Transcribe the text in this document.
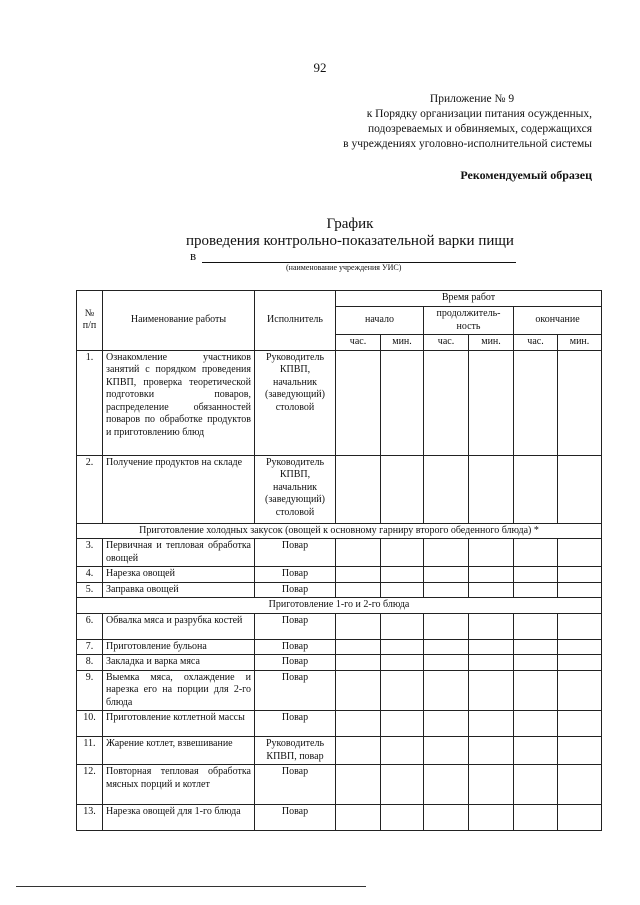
92
Приложение № 9
к Порядку организации питания осужденных,
подозреваемых и обвиняемых, содержащихся
в учреждениях уголовно-исполнительной системы
Рекомендуемый образец
График
проведения контрольно-показательной варки пищи
в
(наименование учреждения УИС)
№ п/п	Наименование работы	Исполнитель	Время работ					
			начало		продолжитель-ность		окончание	
			час.	мин.	час.	мин.	час.	мин.
1.	Ознакомление участников занятий с порядком проведения КПВП, проверка теоретической подготовки поваров, распределение обязанностей поваров по обработке продуктов и приготовлению блюд	Руководитель КПВП, начальник (заведующий) столовой						
2.	Получение продуктов на складе	Руководитель КПВП, начальник (заведующий) столовой						
Приготовление холодных закусок (овощей к основному гарниру второго обеденного блюда) *								
3.	Первичная и тепловая обработка овощей	Повар						
4.	Нарезка овощей	Повар						
5.	Заправка овощей	Повар						
Приготовление 1-го и 2-го блюда								
6.	Обвалка мяса и разрубка костей	Повар						
7.	Приготовление бульона	Повар						
8.	Закладка и варка мяса	Повар						
9.	Выемка мяса, охлаждение и нарезка его на порции для 2-го блюда	Повар						
10.	Приготовление котлетной массы	Повар						
11.	Жарение котлет, взвешивание	Руководитель КПВП, повар						
12.	Повторная тепловая обработка мясных порций и котлет	Повар						
13.	Нарезка овощей для 1-го блюда	Повар						
